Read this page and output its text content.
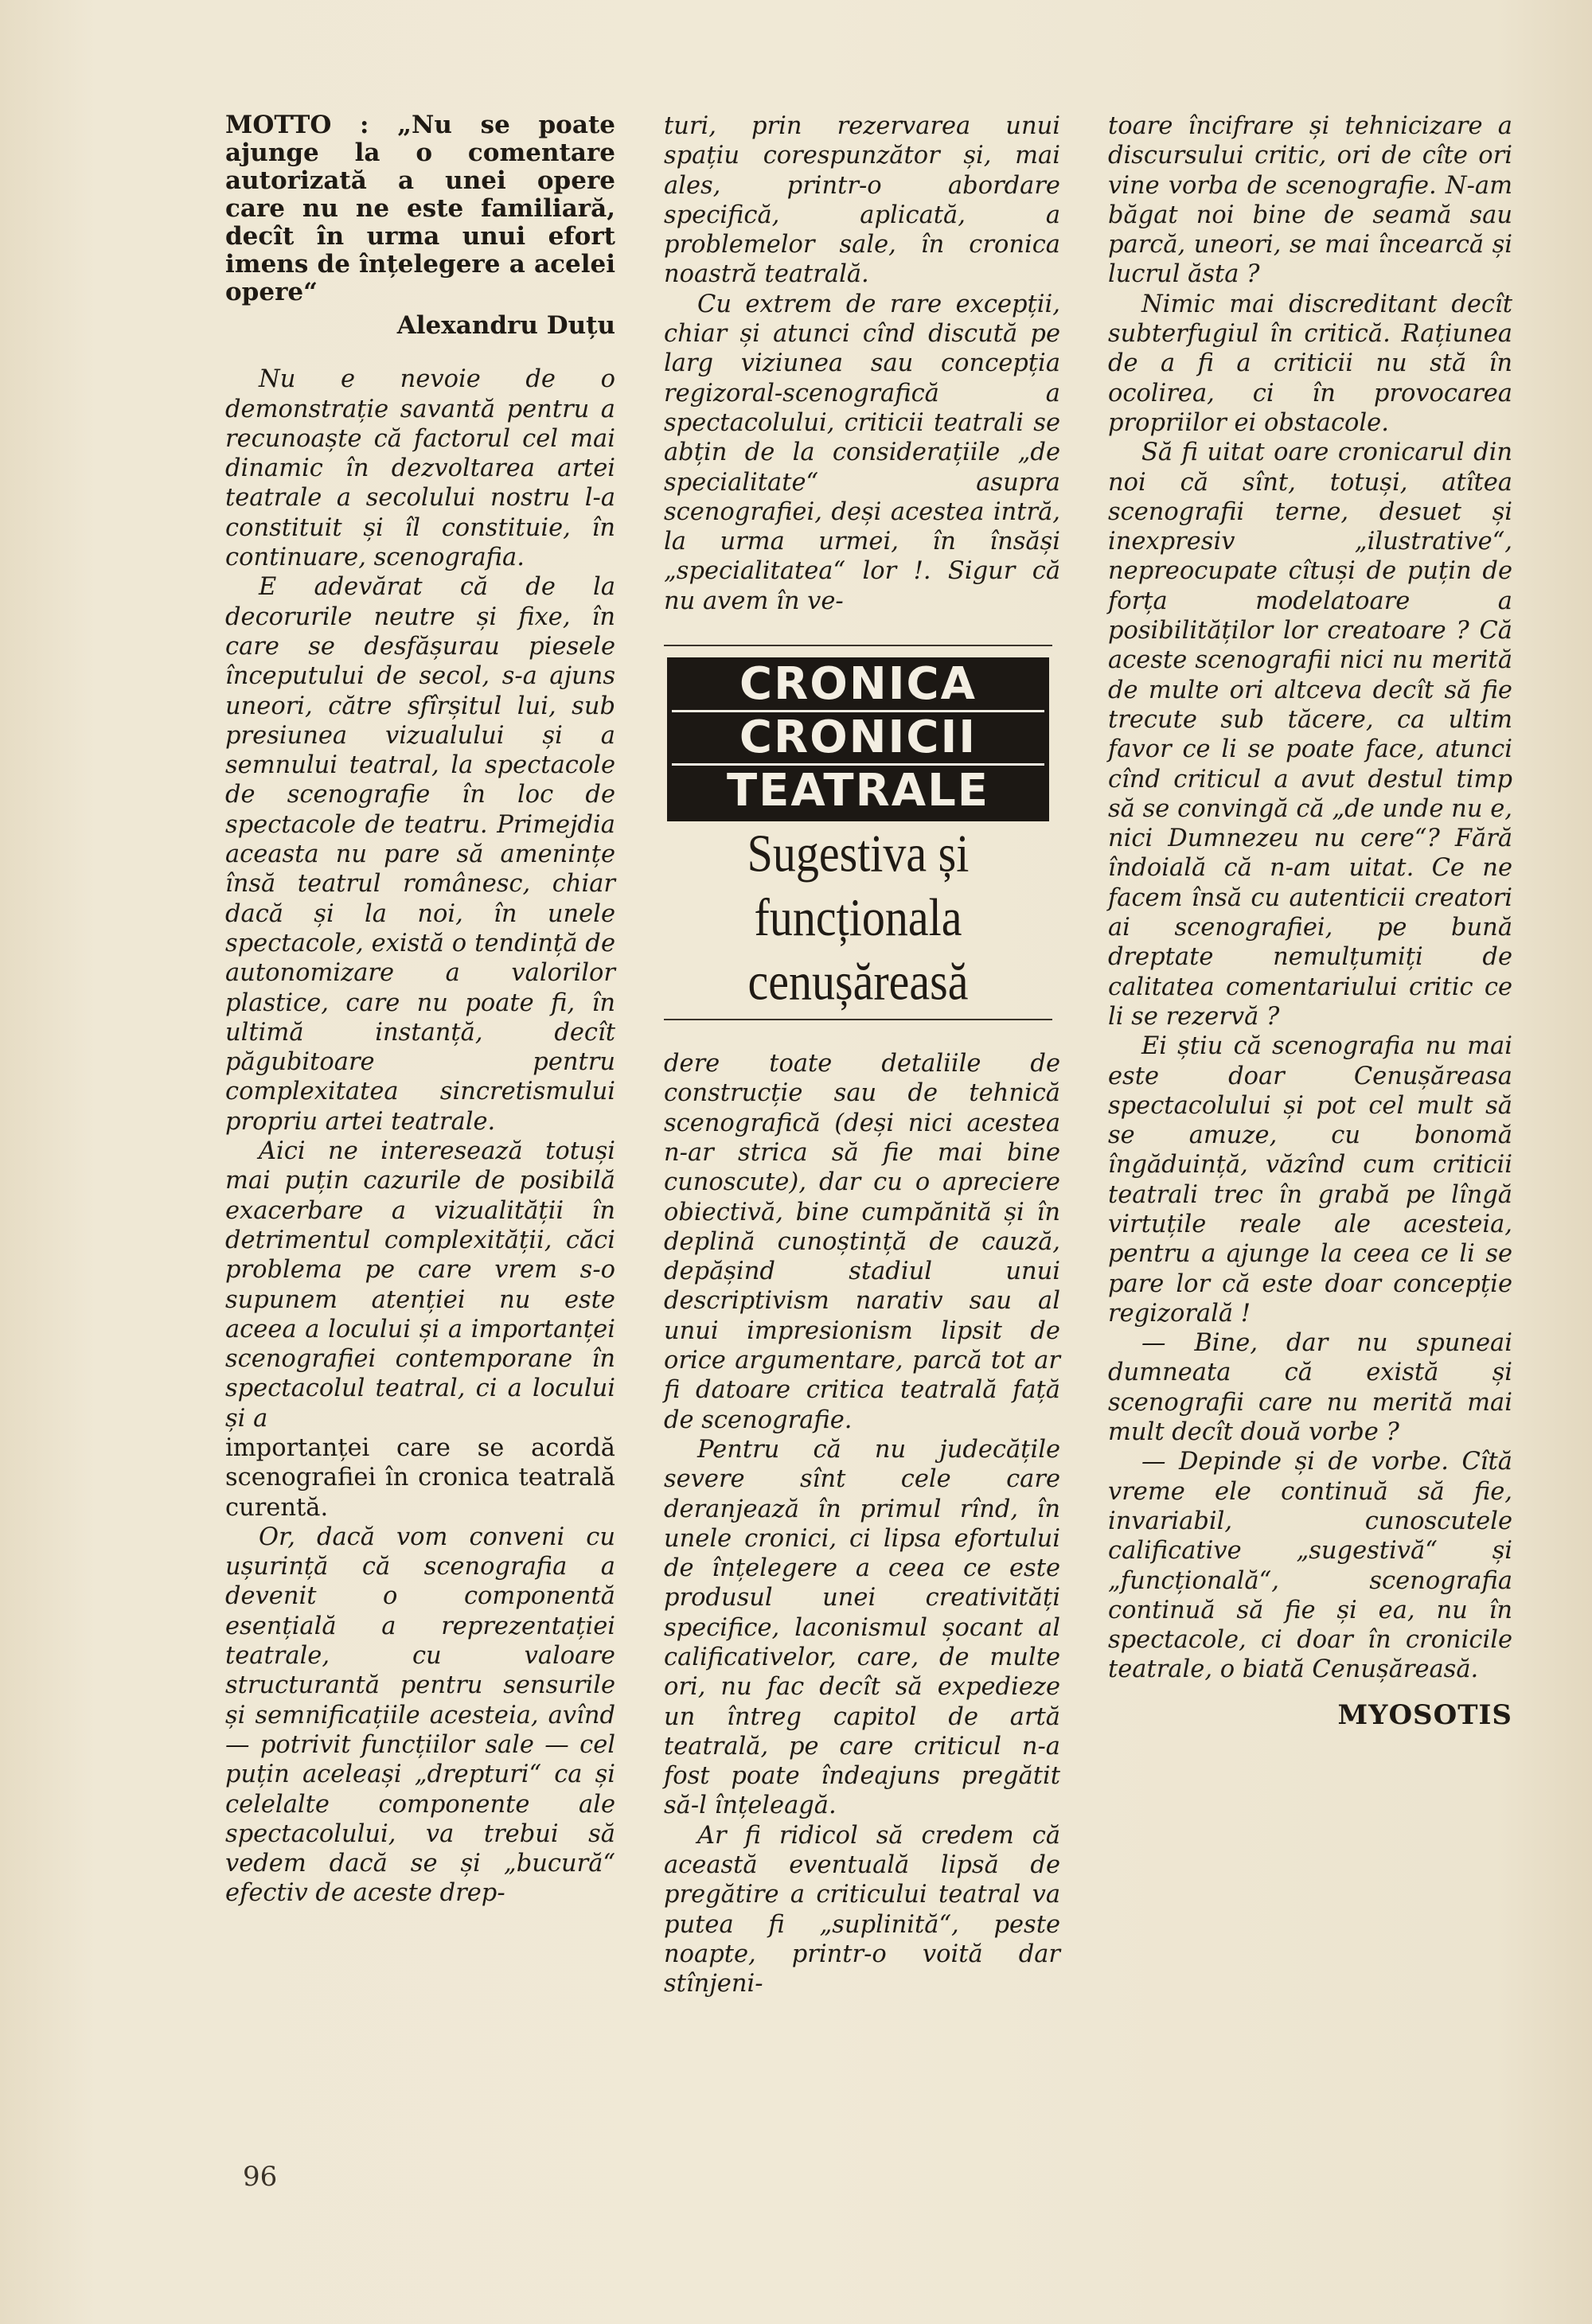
MOTTO : „Nu se poate ajunge la o comentare autorizată a unei opere care nu ne este familiară, decît în urma unui efort imens de înțelegere a acelei opere“
Alexandru Duțu

Nu e nevoie de o demonstrație savantă pentru a recunoaște că factorul cel mai dinamic în dezvoltarea artei teatrale a secolului nostru l-a constituit și îl constituie, în continuare, scenografia.

E adevărat că de la decorurile neutre și fixe, în care se desfășurau piesele începutului de secol, s-a ajuns uneori, către sfîrșitul lui, sub presiunea vizualului și a semnului teatral, la spectacole de scenografie în loc de spectacole de teatru. Primejdia aceasta nu pare să amenințe însă teatrul românesc, chiar dacă și la noi, în unele spectacole, există o tendință de autonomizare a valorilor plastice, care nu poate fi, în ultimă instanță, decît păgubitoare pentru complexitatea sincretismului propriu artei teatrale.

Aici ne interesează totuși mai puțin cazurile de posibilă exacerbare a vizualității în detrimentul complexității, căci problema pe care vrem s-o supunem atenției nu este aceea a locului și a importanței scenografiei contemporane în spectacolul teatral, ci a locului și a

importanței care se acordă scenografiei în cronica teatrală curentă.

Or, dacă vom conveni cu ușurință că scenografia a devenit o componentă esențială a reprezentației teatrale, cu valoare structurantă pentru sensurile și semnificațiile acesteia, avînd — potrivit funcțiilor sale — cel puțin aceleași „drepturi“ ca și celelalte componente ale spectacolului, va trebui să vedem dacă se și „bucură“ efectiv de aceste drep-

turi, prin rezervarea unui spațiu corespunzător și, mai ales, printr-o abordare specifică, aplicată, a problemelor sale, în cronica noastră teatrală.

Cu extrem de rare excepții, chiar și atunci cînd discută pe larg viziunea sau concepția regizoral-scenografică a spectacolului, criticii teatrali se abțin de la considerațiile „de specialitate“ asupra scenografiei, deși acestea intră, la urma urmei, în însăși „specialitatea“ lor !. Sigur că nu avem în ve-

CRONICA
CRONICII
TEATRALE
Sugestiva și
funcționala
cenușăreasă

dere toate detaliile de construcție sau de tehnică scenografică (deși nici acestea n-ar strica să fie mai bine cunoscute), dar cu o apreciere obiectivă, bine cumpănită și în deplină cunoștință de cauză, depășind stadiul unui descriptivism narativ sau al unui impresionism lipsit de orice argumentare, parcă tot ar fi datoare critica teatrală față de scenografie.

Pentru că nu judecățile severe sînt cele care deranjează în primul rînd, în unele cronici, ci lipsa efortului de înțelegere a ceea ce este produsul unei creativități specifice, laconismul șocant al calificativelor, care, de multe ori, nu fac decît să expedieze un întreg capitol de artă teatrală, pe care criticul n-a fost poate îndeajuns pregătit să-l înțeleagă.

Ar fi ridicol să credem că această eventuală lipsă de pregătire a criticului teatral va putea fi „suplinită“, peste noapte, printr-o voită dar stînjeni-

toare încifrare și tehnicizare a discursului critic, ori de cîte ori vine vorba de scenografie. N-am băgat noi bine de seamă sau parcă, uneori, se mai încearcă și lucrul ăsta ?

Nimic mai discreditant decît subterfugiul în critică. Rațiunea de a fi a criticii nu stă în ocolirea, ci în provocarea propriilor ei obstacole.

Să fi uitat oare cronicarul din noi că sînt, totuși, atîtea scenografii terne, desuet și inexpresiv „ilustrative“, nepreocupate cîtuși de puțin de forța modelatoare a posibilităților lor creatoare ? Că aceste scenografii nici nu merită de multe ori altceva decît să fie trecute sub tăcere, ca ultim favor ce li se poate face, atunci cînd criticul a avut destul timp să se convingă că „de unde nu e, nici Dumnezeu nu cere“? Fără îndoială că n-am uitat. Ce ne facem însă cu autenticii creatori ai scenografiei, pe bună dreptate nemulțumiți de calitatea comentariului critic ce li se rezervă ?

Ei știu că scenografia nu mai este doar Cenușăreasa spectacolului și pot cel mult să se amuze, cu bonomă îngăduință, văzînd cum criticii teatrali trec în grabă pe lîngă virtuțile reale ale acesteia, pentru a ajunge la ceea ce li se pare lor că este doar concepție regizorală !

— Bine, dar nu spuneai dumneata că există și scenografii care nu merită mai mult decît două vorbe ?

— Depinde și de vorbe. Cîtă vreme ele continuă să fie, invariabil, cunoscutele calificative „sugestivă“ și „funcțională“, scenografia continuă să fie și ea, nu în spectacole, ci doar în cronicile teatrale, o biată Cenușăreasă.

MYOSOTIS
96
